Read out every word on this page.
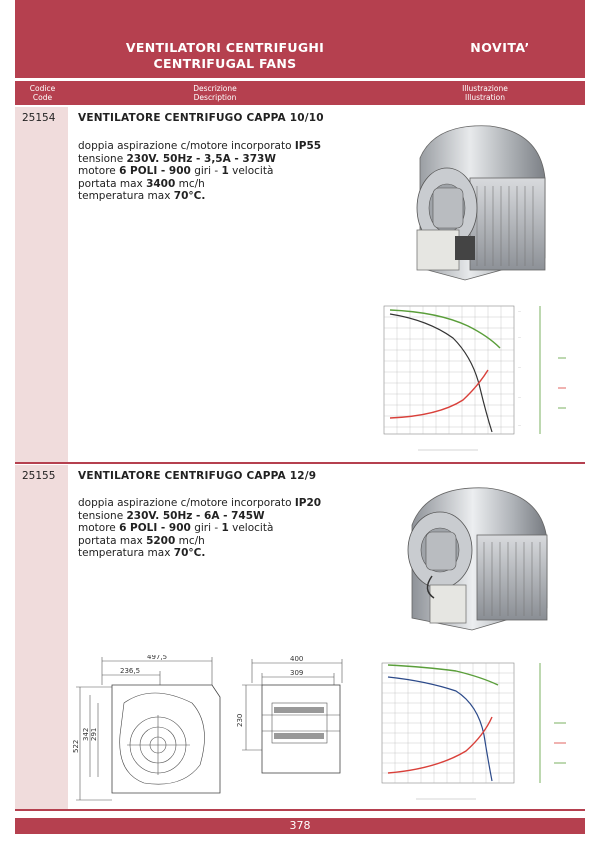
VENTILATORI CENTRIFUGHI
CENTRIFUGAL FANS
NOVITA’
Codice
Code
Descrizione
Description
Illustrazione
Illustration
25154 VENTILATORE CENTRIFUGO CAPPA 10/10
doppia aspirazione c/motore incorporato IP55
tensione 230V. 50Hz - 3,5A - 373W
motore 6 POLI - 900 giri - 1 velocità
portata max 3400 mc/h
temperatura max 70°C.
—
—
—
—
—
25155 VENTILATORE CENTRIFUGO CAPPA 12/9
doppia aspirazione c/motore incorporato IP20
tensione 230V. 50Hz - 6A - 745W
motore 6 POLI - 900 giri - 1 velocità
portata max 5200 mc/h
temperatura max 70°C.
497,5
236,5
522
342 291
400
309
230
378
